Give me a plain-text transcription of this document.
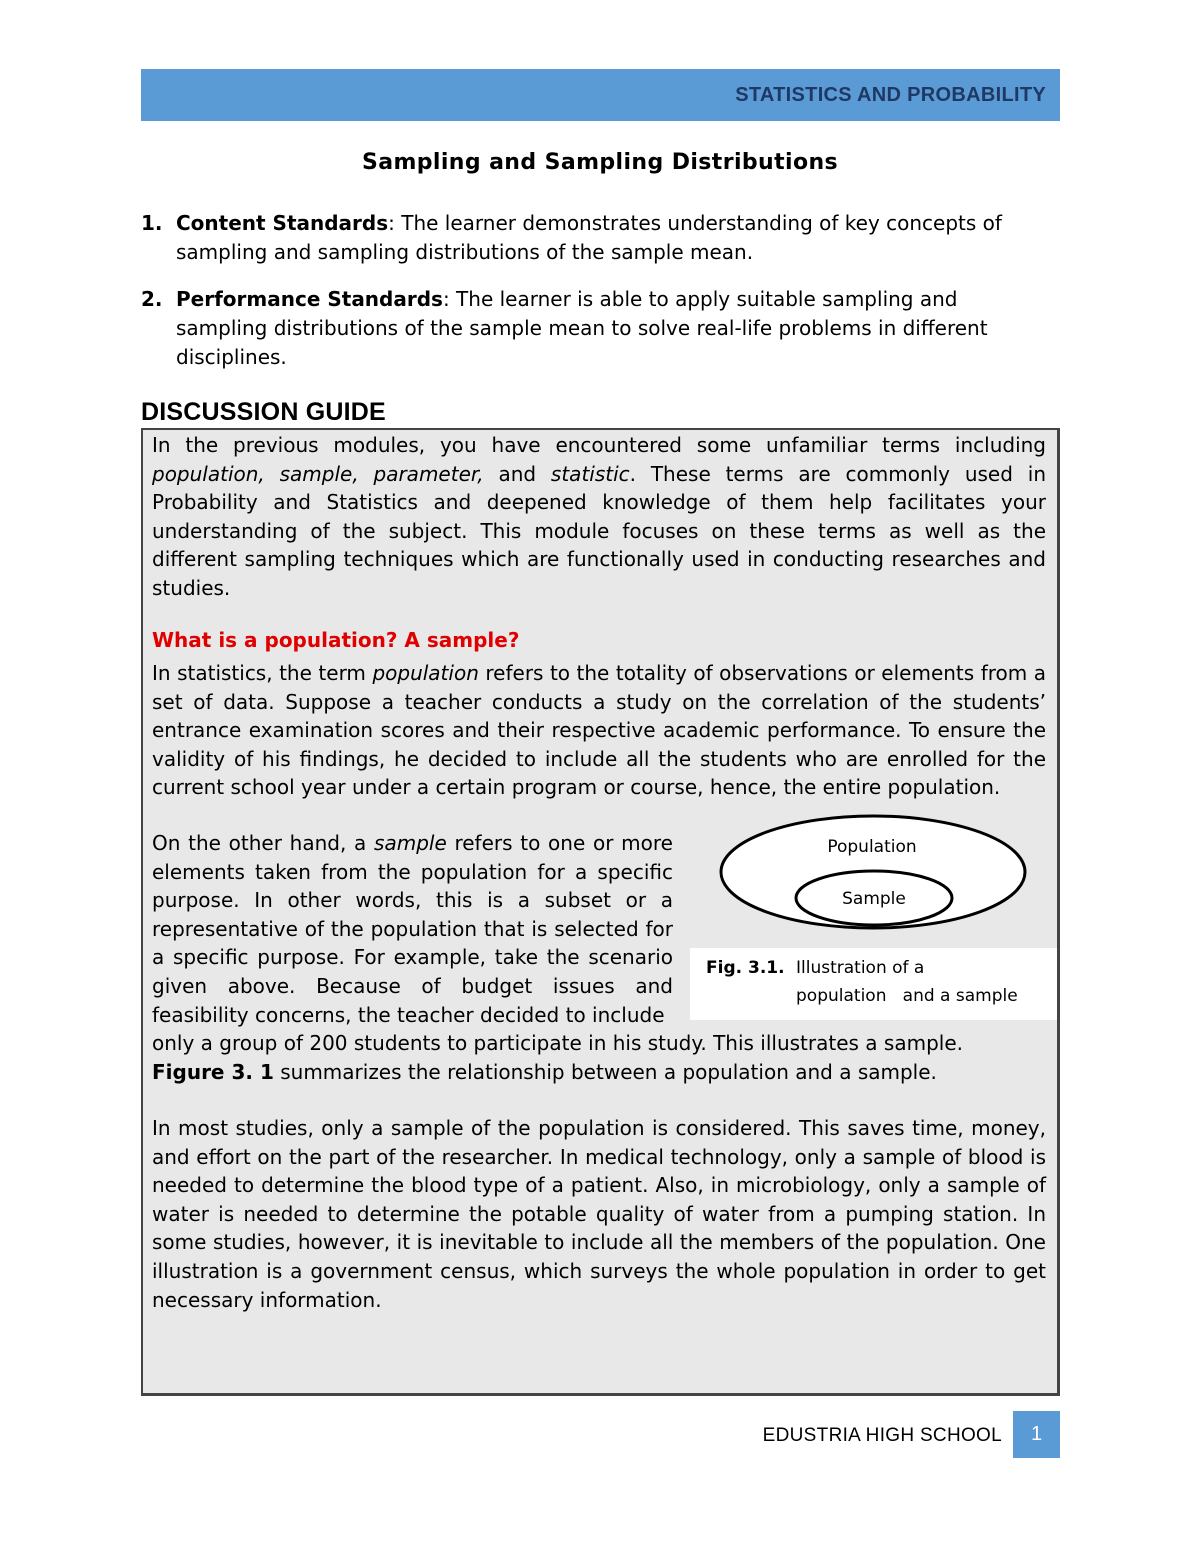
STATISTICS AND PROBABILITY
Sampling and Sampling Distributions
1. Content Standards: The learner demonstrates understanding of key concepts of sampling and sampling distributions of the sample mean.
2. Performance Standards: The learner is able to apply suitable sampling and sampling distributions of the sample mean to solve real-life problems in different disciplines.
DISCUSSION GUIDE
In the previous modules, you have encountered some unfamiliar terms including population, sample, parameter, and statistic. These terms are commonly used in Probability and Statistics and deepened knowledge of them help facilitates your understanding of the subject. This module focuses on these terms as well as the different sampling techniques which are functionally used in conducting researches and studies.
What is a population? A sample?
In statistics, the term population refers to the totality of observations or elements from a set of data. Suppose a teacher conducts a study on the correlation of the students’ entrance examination scores and their respective academic performance. To ensure the validity of his findings, he decided to include all the students who are enrolled for the current school year under a certain program or course, hence, the entire population.
On the other hand, a sample refers to one or more elements taken from the population for a specific purpose. In other words, this is a subset or a representative of the population that is selected for a specific purpose. For example, take the scenario given above. Because of budget issues and feasibility concerns, the teacher decided to include
only a group of 200 students to participate in his study. This illustrates a sample.
Figure 3. 1 summarizes the relationship between a population and a sample.
In most studies, only a sample of the population is considered. This saves time, money, and effort on the part of the researcher. In medical technology, only a sample of blood is needed to determine the blood type of a patient. Also, in microbiology, only a sample of water is needed to determine the potable quality of water from a pumping station. In some studies, however, it is inevitable to include all the members of the population. One illustration is a government census, which surveys the whole population in order to get necessary information.
Population
Sample
Fig. 3.1. Illustration of a
population   and a sample
EDUSTRIA HIGH SCHOOL	1
